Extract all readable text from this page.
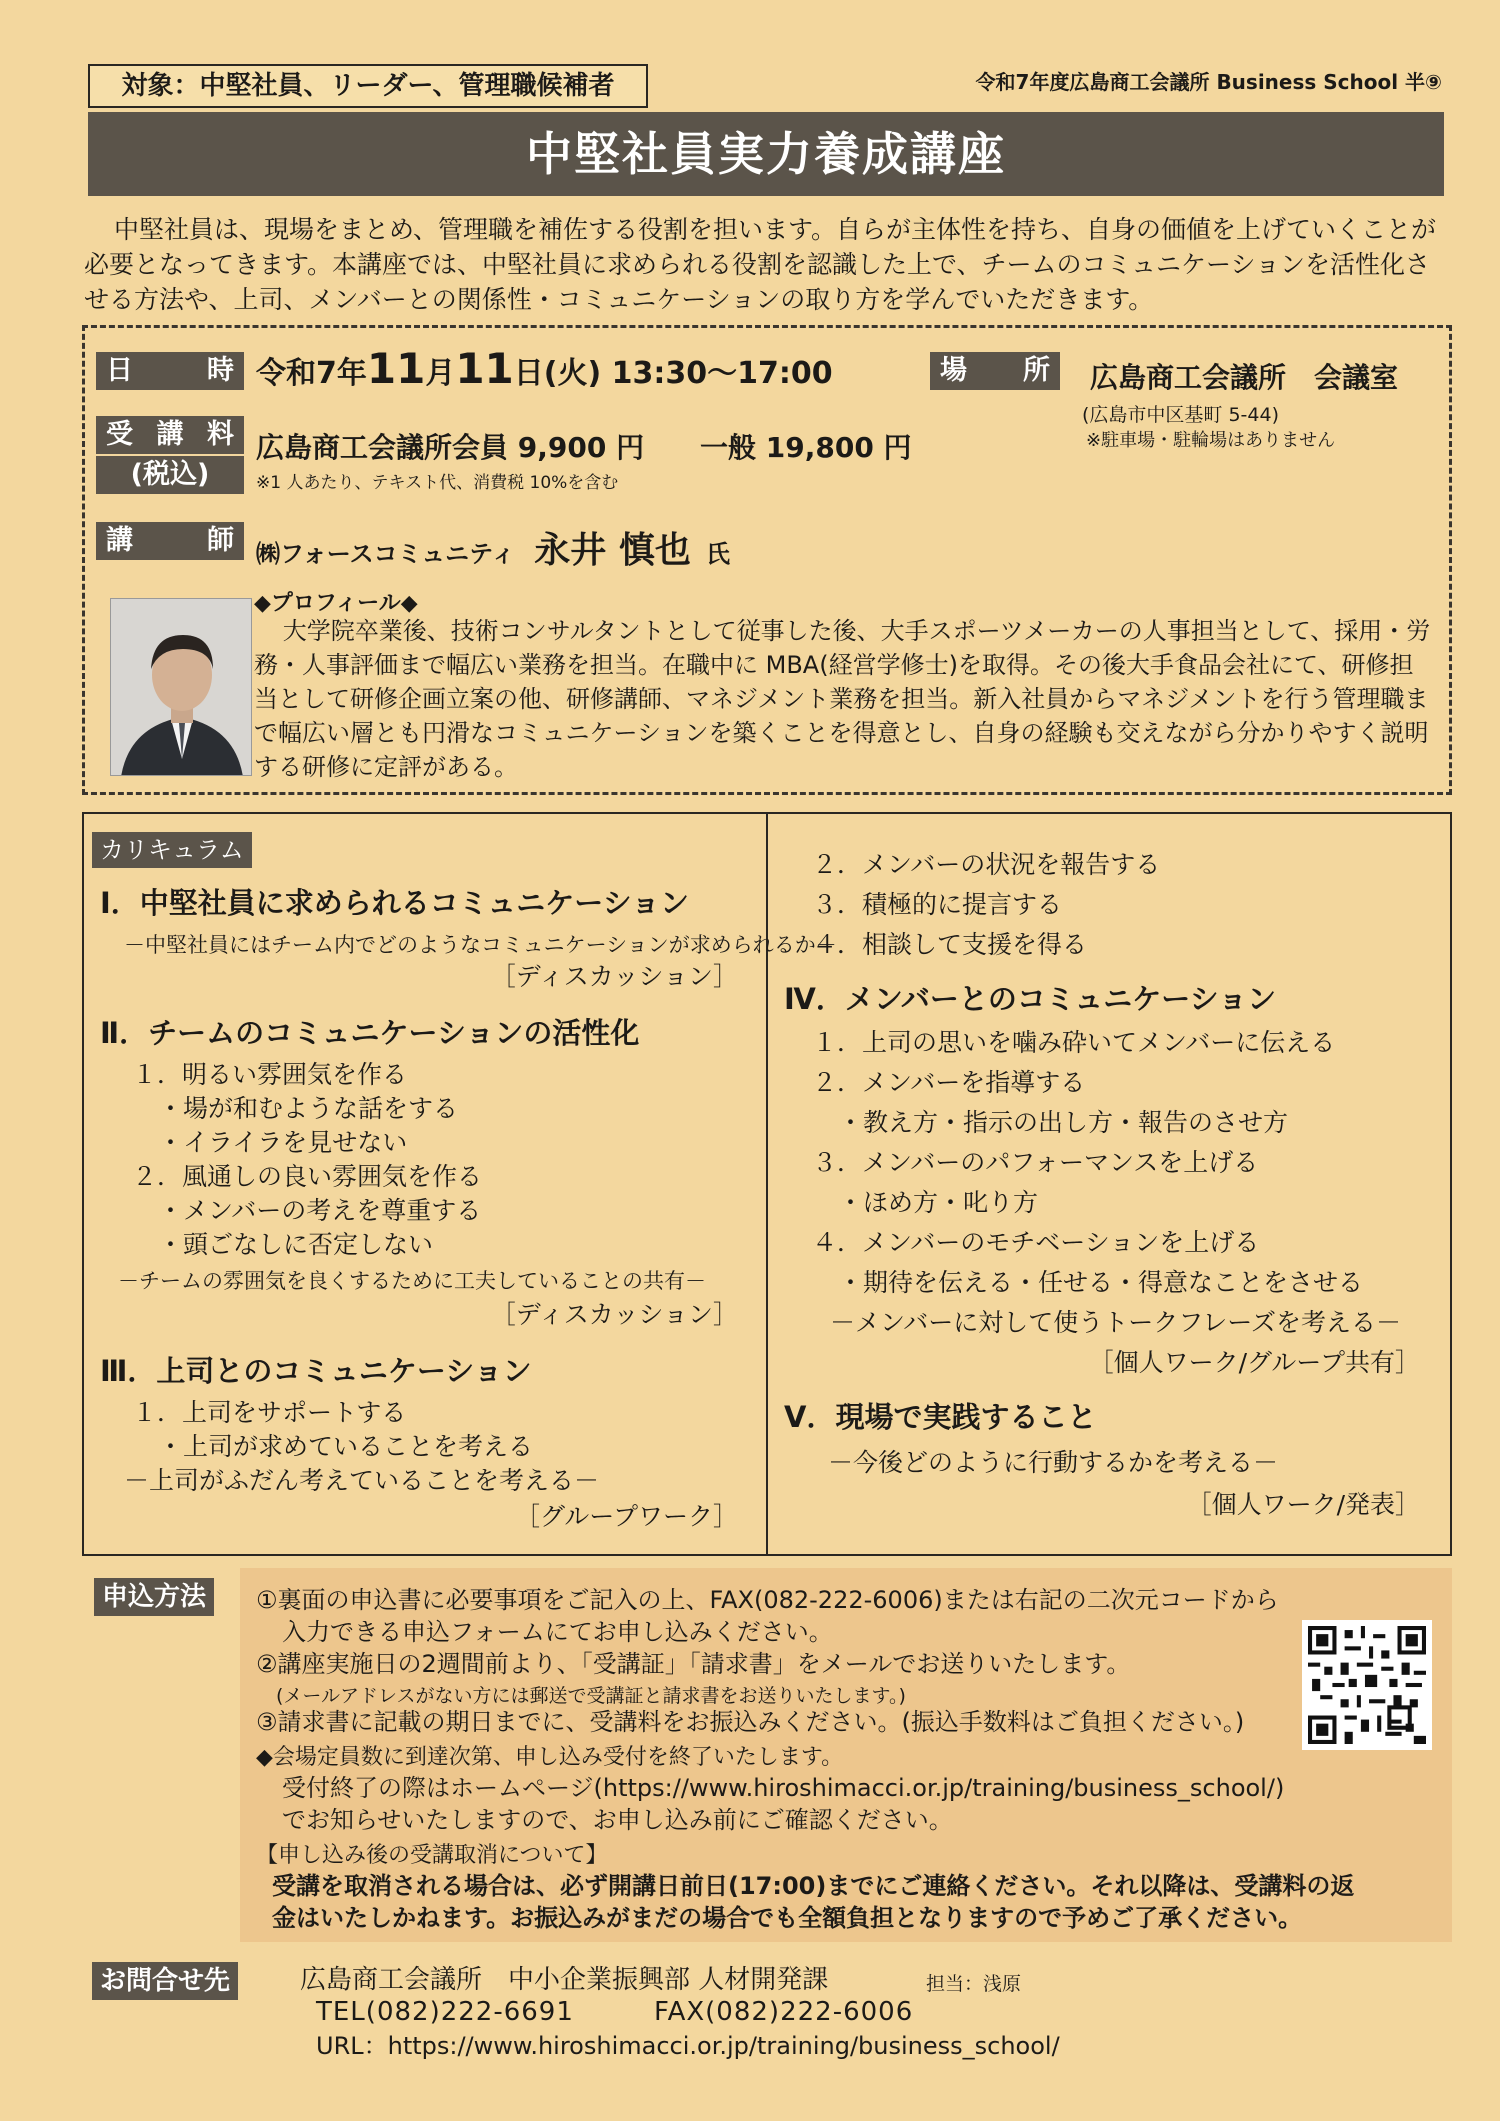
対象：中堅社員、リーダー、管理職候補者	令和7年度広島商工会議所 Business School 半⑨
中堅社員実力養成講座
中堅社員は、現場をまとめ、管理職を補佐する役割を担います。自らが主体性を持ち、自身の価値を上げていくことが必要となってきます。本講座では、中堅社員に求められる役割を認識した上で、チームのコミュニケーションを活性化させる方法や、上司、メンバーとの関係性・コミュニケーションの取り方を学んでいただきます。
日 時 令和7年11月11日(火) 13:30〜17:00	場 所	広島商工会議所　会議室
(広島市中区基町 5-44)
※駐車場・駐輪場はありません
受講料
(税込)
広島商工会議所会員 9,900 円 一般 19,800 円
※1 人あたり、テキスト代、消費税 10%を含む
講 師 ㈱フォースコミュニティ 永井 慎也 氏
◆プロフィール◆
大学院卒業後、技術コンサルタントとして従事した後、大手スポーツメーカーの人事担当として、採用・労務・人事評価まで幅広い業務を担当。在職中に MBA(経営学修士)を取得。その後大手食品会社にて、研修担当として研修企画立案の他、研修講師、マネジメント業務を担当。新入社員からマネジメントを行う管理職まで幅広い層とも円滑なコミュニケーションを築くことを得意とし、自身の経験も交えながら分かりやすく説明する研修に定評がある。
カリキュラム
Ⅰ．中堅社員に求められるコミュニケーション
－中堅社員にはチーム内でどのようなコミュニケーションが求められるか－
［ディスカッション］
Ⅱ．チームのコミュニケーションの活性化
１．明るい雰囲気を作る
・場が和むような話をする
・イライラを見せない
２．風通しの良い雰囲気を作る
・メンバーの考えを尊重する
・頭ごなしに否定しない
－チームの雰囲気を良くするために工夫していることの共有－
［ディスカッション］
Ⅲ．上司とのコミュニケーション
１．上司をサポートする
・上司が求めていることを考える
－上司がふだん考えていることを考える－
［グループワーク］
２．メンバーの状況を報告する
３．積極的に提言する
４．相談して支援を得る
Ⅳ．メンバーとのコミュニケーション
１．上司の思いを噛み砕いてメンバーに伝える
２．メンバーを指導する
・教え方・指示の出し方・報告のさせ方
３．メンバーのパフォーマンスを上げる
・ほめ方・叱り方
４．メンバーのモチベーションを上げる
・期待を伝える・任せる・得意なことをさせる
－メンバーに対して使うトークフレーズを考える－
［個人ワーク/グループ共有］
Ⅴ．現場で実践すること
－今後どのように行動するかを考える－
［個人ワーク/発表］
申込方法	①裏面の申込書に必要事項をご記入の上、FAX(082-222-6006)または右記の二次元コードから
入力できる申込フォームにてお申し込みください。
②講座実施日の2週間前より、「受講証」「請求書」をメールでお送りいたします。
(メールアドレスがない方には郵送で受講証と請求書をお送りいたします。)
③請求書に記載の期日までに、受講料をお振込みください。(振込手数料はご負担ください。)
◆会場定員数に到達次第、申し込み受付を終了いたします。
受付終了の際はホームページ(https://www.hiroshimacci.or.jp/training/business_school/)
でお知らせいたしますので、お申し込み前にご確認ください。
【申し込み後の受講取消について】
受講を取消される場合は、必ず開講日前日(17:00)までにご連絡ください。それ以降は、受講料の返
金はいたしかねます。お振込みがまだの場合でも全額負担となりますので予めご了承ください。
お問合せ先	広島商工会議所　中小企業振興部 人材開発課	担当：浅原
TEL(082)222-6691	FAX(082)222-6006
URL：https://www.hiroshimacci.or.jp/training/business_school/
